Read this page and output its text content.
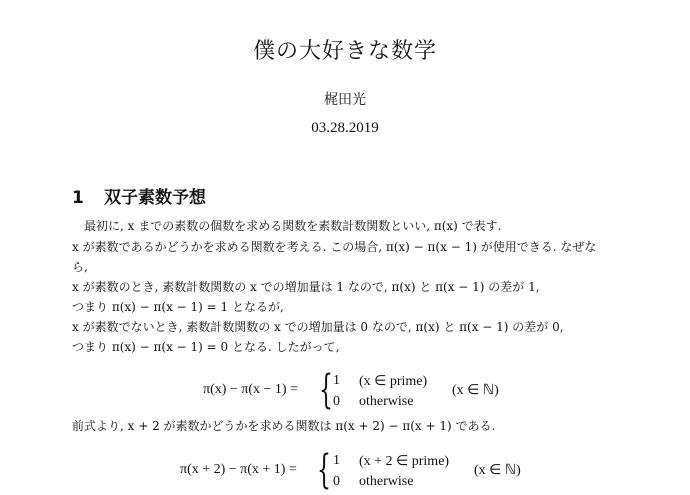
僕の大好きな数学
梶田光
03.28.2019
1 双子素数予想
最初に, x までの素数の個数を求める関数を素数計数関数といい, π(x) で表す.
x が素数であるかどうかを求める関数を考える. この場合, π(x) − π(x − 1) が使用できる. なぜな
ら,
x が素数のとき, 素数計数関数の x での増加量は 1 なので, π(x) と π(x − 1) の差が 1,
つまり π(x) − π(x − 1) = 1 となるが,
x が素数でないとき, 素数計数関数の x での増加量は 0 なので, π(x) と π(x − 1) の差が 0,
つまり π(x) − π(x − 1) = 0 となる. したがって,
π(x) − π(x − 1) = { 1 (x ∈ prime)
0 otherwise
(x ∈ ℕ)
前式より, x + 2 が素数かどうかを求める関数は π(x + 2) − π(x + 1) である.
π(x + 2) − π(x + 1) = { 1 (x + 2 ∈ prime)
0 otherwise
(x ∈ ℕ)
